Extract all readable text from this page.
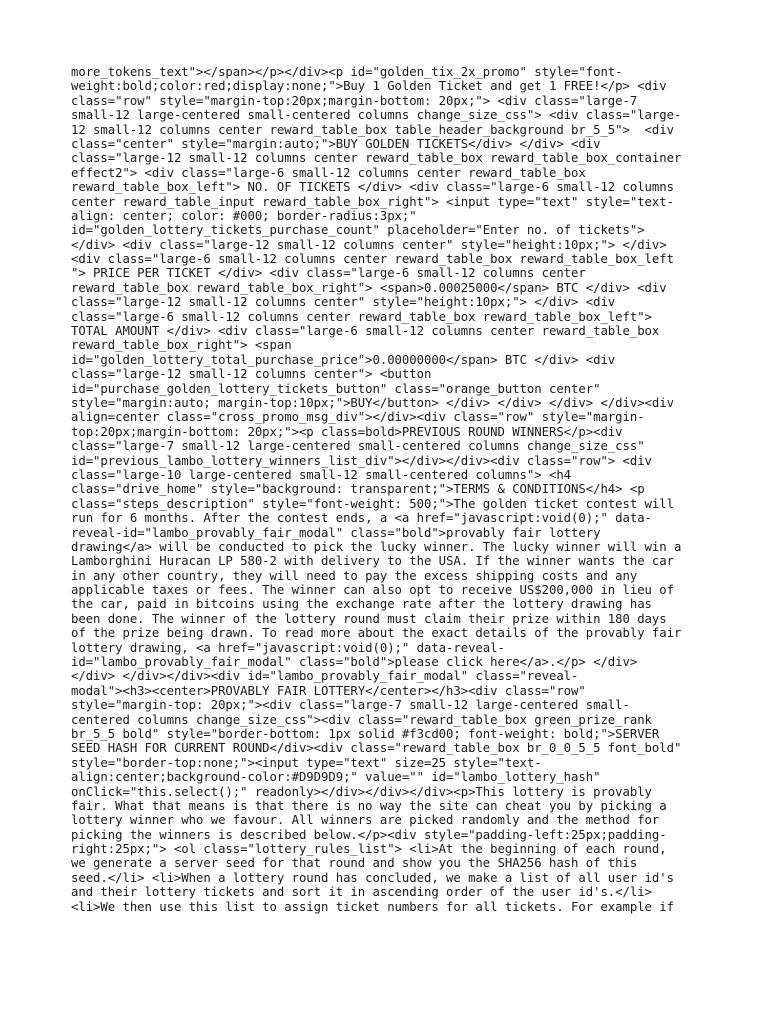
more_tokens_text"></span></p></div><p id="golden_tix_2x_promo" style="font-
weight:bold;color:red;display:none;">Buy 1 Golden Ticket and get 1 FREE!</p> <div
class="row" style="margin-top:20px;margin-bottom: 20px;"> <div class="large-7
small-12 large-centered small-centered columns change_size_css"> <div class="large-
12 small-12 columns center reward_table_box table_header_background br_5_5">  <div
class="center" style="margin:auto;">BUY GOLDEN TICKETS</div> </div> <div
class="large-12 small-12 columns center reward_table_box reward_table_box_container
effect2"> <div class="large-6 small-12 columns center reward_table_box
reward_table_box_left"> NO. OF TICKETS </div> <div class="large-6 small-12 columns
center reward_table_input reward_table_box_right"> <input type="text" style="text-
align: center; color: #000; border-radius:3px;"
id="golden_lottery_tickets_purchase_count" placeholder="Enter no. of tickets">
</div> <div class="large-12 small-12 columns center" style="height:10px;"> </div>
<div class="large-6 small-12 columns center reward_table_box reward_table_box_left
"> PRICE PER TICKET </div> <div class="large-6 small-12 columns center
reward_table_box reward_table_box_right"> <span>0.00025000</span> BTC </div> <div
class="large-12 small-12 columns center" style="height:10px;"> </div> <div
class="large-6 small-12 columns center reward_table_box reward_table_box_left">
TOTAL AMOUNT </div> <div class="large-6 small-12 columns center reward_table_box
reward_table_box_right"> <span
id="golden_lottery_total_purchase_price">0.00000000</span> BTC </div> <div
class="large-12 small-12 columns center"> <button
id="purchase_golden_lottery_tickets_button" class="orange_button center"
style="margin:auto; margin-top:10px;">BUY</button> </div> </div> </div> </div><div
align=center class="cross_promo_msg_div"></div><div class="row" style="margin-
top:20px;margin-bottom: 20px;"><p class=bold>PREVIOUS ROUND WINNERS</p><div
class="large-7 small-12 large-centered small-centered columns change_size_css"
id="previous_lambo_lottery_winners_list_div"></div></div><div class="row"> <div
class="large-10 large-centered small-12 small-centered columns"> <h4
class="drive_home" style="background: transparent;">TERMS & CONDITIONS</h4> <p
class="steps_description" style="font-weight: 500;">The golden ticket contest will
run for 6 months. After the contest ends, a <a href="javascript:void(0);" data-
reveal-id="lambo_provably_fair_modal" class="bold">provably fair lottery
drawing</a> will be conducted to pick the lucky winner. The lucky winner will win a
Lamborghini Huracan LP 580-2 with delivery to the USA. If the winner wants the car
in any other country, they will need to pay the excess shipping costs and any
applicable taxes or fees. The winner can also opt to receive US$200,000 in lieu of
the car, paid in bitcoins using the exchange rate after the lottery drawing has
been done. The winner of the lottery round must claim their prize within 180 days
of the prize being drawn. To read more about the exact details of the provably fair
lottery drawing, <a href="javascript:void(0);" data-reveal-
id="lambo_provably_fair_modal" class="bold">please click here</a>.</p> </div>
</div> </div></div><div id="lambo_provably_fair_modal" class="reveal-
modal"><h3><center>PROVABLY FAIR LOTTERY</center></h3><div class="row"
style="margin-top: 20px;"><div class="large-7 small-12 large-centered small-
centered columns change_size_css"><div class="reward_table_box green_prize_rank
br_5_5 bold" style="border-bottom: 1px solid #f3cd00; font-weight: bold;">SERVER
SEED HASH FOR CURRENT ROUND</div><div class="reward_table_box br_0_0_5_5 font_bold"
style="border-top:none;"><input type="text" size=25 style="text-
align:center;background-color:#D9D9D9;" value="" id="lambo_lottery_hash"
onClick="this.select();" readonly></div></div></div><p>This lottery is provably
fair. What that means is that there is no way the site can cheat you by picking a
lottery winner who we favour. All winners are picked randomly and the method for
picking the winners is described below.</p><div style="padding-left:25px;padding-
right:25px;"> <ol class="lottery_rules_list"> <li>At the beginning of each round,
we generate a server seed for that round and show you the SHA256 hash of this
seed.</li> <li>When a lottery round has concluded, we make a list of all user id's
and their lottery tickets and sort it in ascending order of the user id's.</li>
<li>We then use this list to assign ticket numbers for all tickets. For example if
